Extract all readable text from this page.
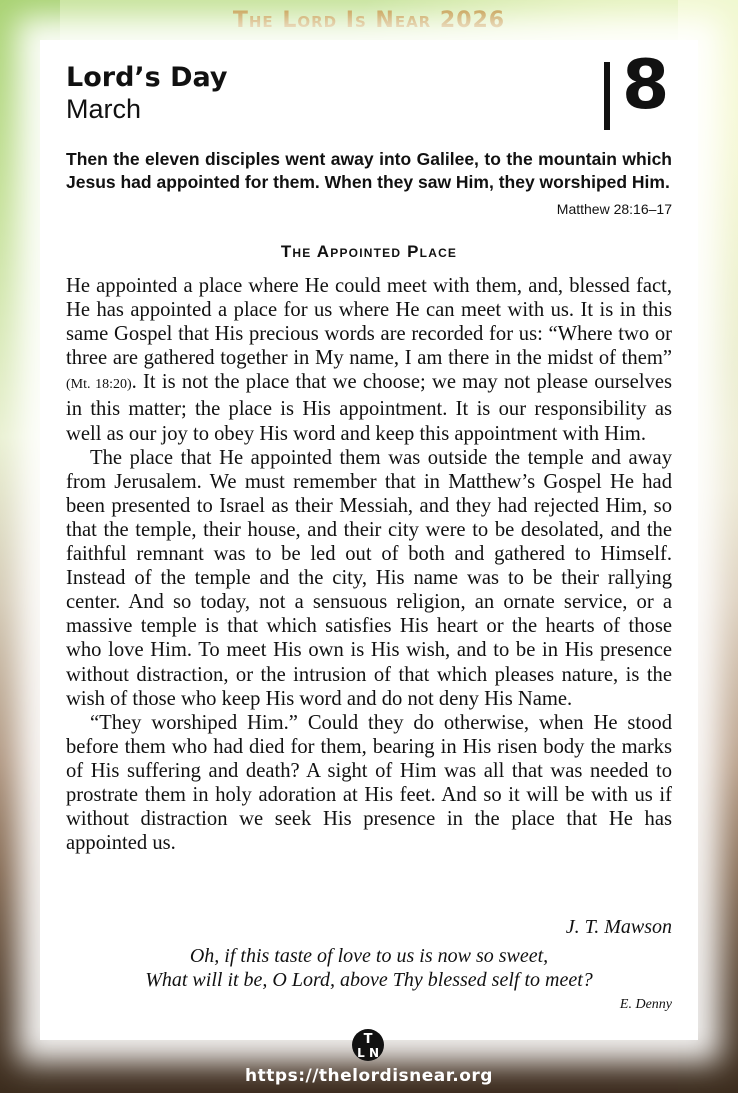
The Lord Is Near 2026
Lord’s Day
March	8
Then the eleven disciples went away into Galilee, to the mountain which Jesus had appointed for them. When they saw Him, they worshiped Him.
Matthew 28:16–17
The Appointed Place

He appointed a place where He could meet with them, and, blessed fact, He has appointed a place for us where He can meet with us. It is in this same Gospel that His precious words are recorded for us: “Where two or three are gathered together in My name, I am there in the midst of them” (Mt. 18:20). It is not the place that we choose; we may not please ourselves in this matter; the place is His appointment. It is our responsibility as well as our joy to obey His word and keep this appointment with Him.

The place that He appointed them was outside the temple and away from Jerusalem. We must remember that in Matthew’s Gospel He had been presented to Israel as their Messiah, and they had rejected Him, so that the temple, their house, and their city were to be desolated, and the faithful remnant was to be led out of both and gathered to Himself. Instead of the temple and the city, His name was to be their rallying center. And so today, not a sensuous religion, an ornate service, or a massive temple is that which satisfies His heart or the hearts of those who love Him. To meet His own is His wish, and to be in His presence without distraction, or the intrusion of that which pleases nature, is the wish of those who keep His word and do not deny His Name.

“They worshiped Him.” Could they do otherwise, when He stood before them who had died for them, bearing in His risen body the marks of His suffering and death? A sight of Him was all that was needed to prostrate them in holy adoration at His feet. And so it will be with us if without distraction we seek His presence in the place that He has appointed us.

J. T. Mawson
Oh, if this taste of love to us is now so sweet,
What will it be, O Lord, above Thy blessed self to meet?
E. Denny
T
L N
https://thelordisnear.org
